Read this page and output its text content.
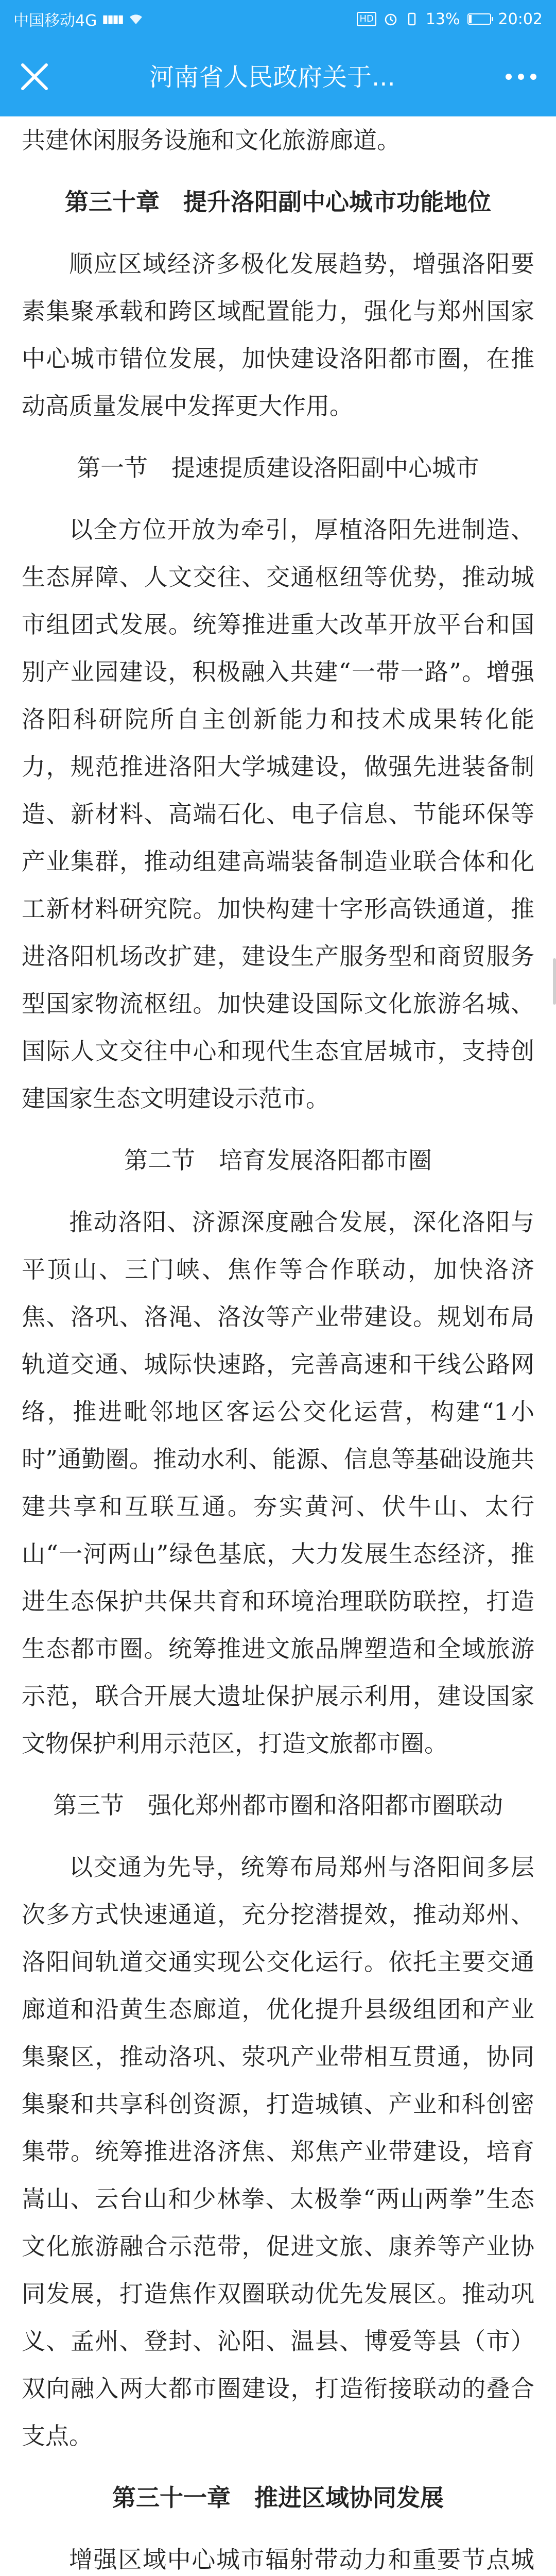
中国移动4G ▮▮▮▮	HD	13% 20:02
河南省人民政府关于...

共建休闲服务设施和文化旅游廊道。

第三十章　提升洛阳副中心城市功能地位

顺应区域经济多极化发展趋势，增强洛阳要素集聚承载和跨区域配置能力，强化与郑州国家中心城市错位发展，加快建设洛阳都市圈，在推动高质量发展中发挥更大作用。

第一节　提速提质建设洛阳副中心城市

以全方位开放为牵引，厚植洛阳先进制造、生态屏障、人文交往、交通枢纽等优势，推动城市组团式发展。统筹推进重大改革开放平台和国别产业园建设，积极融入共建“一带一路”。增强洛阳科研院所自主创新能力和技术成果转化能力，规范推进洛阳大学城建设，做强先进装备制造、新材料、高端石化、电子信息、节能环保等产业集群，推动组建高端装备制造业联合体和化工新材料研究院。加快构建十字形高铁通道，推进洛阳机场改扩建，建设生产服务型和商贸服务型国家物流枢纽。加快建设国际文化旅游名城、国际人文交往中心和现代生态宜居城市，支持创建国家生态文明建设示范市。

第二节　培育发展洛阳都市圈

推动洛阳、济源深度融合发展，深化洛阳与平顶山、三门峡、焦作等合作联动，加快洛济焦、洛巩、洛渑、洛汝等产业带建设。规划布局轨道交通、城际快速路，完善高速和干线公路网络，推进毗邻地区客运公交化运营，构建“1小时”通勤圈。推动水利、能源、信息等基础设施共建共享和互联互通。夯实黄河、伏牛山、太行山“一河两山”绿色基底，大力发展生态经济，推进生态保护共保共育和环境治理联防联控，打造生态都市圈。统筹推进文旅品牌塑造和全域旅游示范，联合开展大遗址保护展示利用，建设国家文物保护利用示范区，打造文旅都市圈。

第三节　强化郑州都市圈和洛阳都市圈联动

以交通为先导，统筹布局郑州与洛阳间多层次多方式快速通道，充分挖潜提效，推动郑州、洛阳间轨道交通实现公交化运行。依托主要交通廊道和沿黄生态廊道，优化提升县级组团和产业集聚区，推动洛巩、荥巩产业带相互贯通，协同集聚和共享科创资源，打造城镇、产业和科创密集带。统筹推进洛济焦、郑焦产业带建设，培育嵩山、云台山和少林拳、太极拳“两山两拳”生态文化旅游融合示范带，促进文旅、康养等产业协同发展，打造焦作双圈联动优先发展区。推动巩义、孟州、登封、沁阳、温县、博爱等县（市）双向融入两大都市圈建设，打造衔接联动的叠合支点。

第三十一章　推进区域协同发展

增强区域中心城市辐射带动力和重要节点城
